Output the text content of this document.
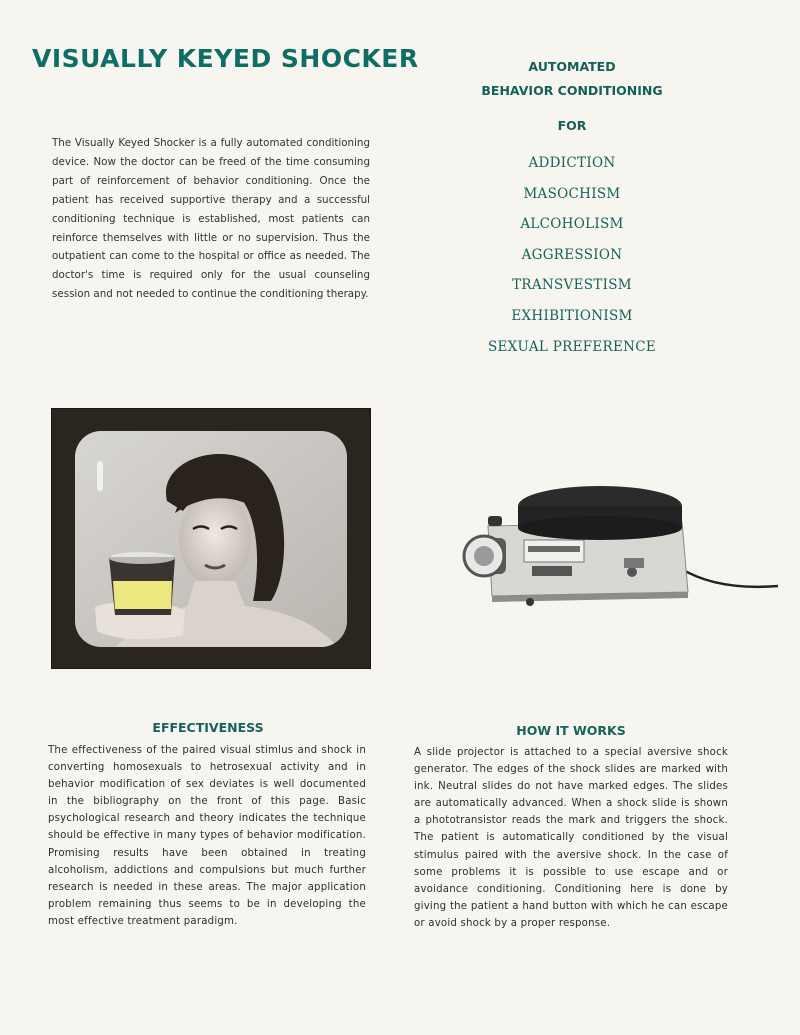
VISUALLY KEYED SHOCKER

The Visually Keyed Shocker is a fully automated conditioning device. Now the doctor can be freed of the time consuming part of reinforcement of behavior conditioning. Once the patient has received supportive therapy and a successful conditioning technique is established, most patients can reinforce themselves with little or no supervision. Thus the outpatient can come to the hospital or office as needed. The doctor's time is required only for the usual counseling session and not needed to continue the conditioning therapy.

AUTOMATED

BEHAVIOR CONDITIONING

FOR

ADDICTION
MASOCHISM
ALCOHOLISM
AGGRESSION
TRANSVESTISM
EXHIBITIONISM
SEXUAL PREFERENCE
EFFECTIVENESS

The effectiveness of the paired visual stimlus and shock in converting homosexuals to hetrosexual activity and in behavior modification of sex deviates is well documented in the bibliography on the front of this page. Basic psychological research and theory indicates the technique should be effective in many types of behavior modification. Promising results have been obtained in treating alcoholism, addictions and compulsions but much further research is needed in these areas. The major application problem remaining thus seems to be in developing the most effective treatment paradigm.

HOW IT WORKS

A slide projector is attached to a special aversive shock generator. The edges of the shock slides are marked with ink. Neutral slides do not have marked edges. The slides are automatically advanced. When a shock slide is shown a phototransistor reads the mark and triggers the shock. The patient is automatically conditioned by the visual stimulus paired with the aversive shock. In the case of some problems it is possible to use escape and or avoidance conditioning. Conditioning here is done by giving the patient a hand button with which he can escape or avoid shock by a proper response.
